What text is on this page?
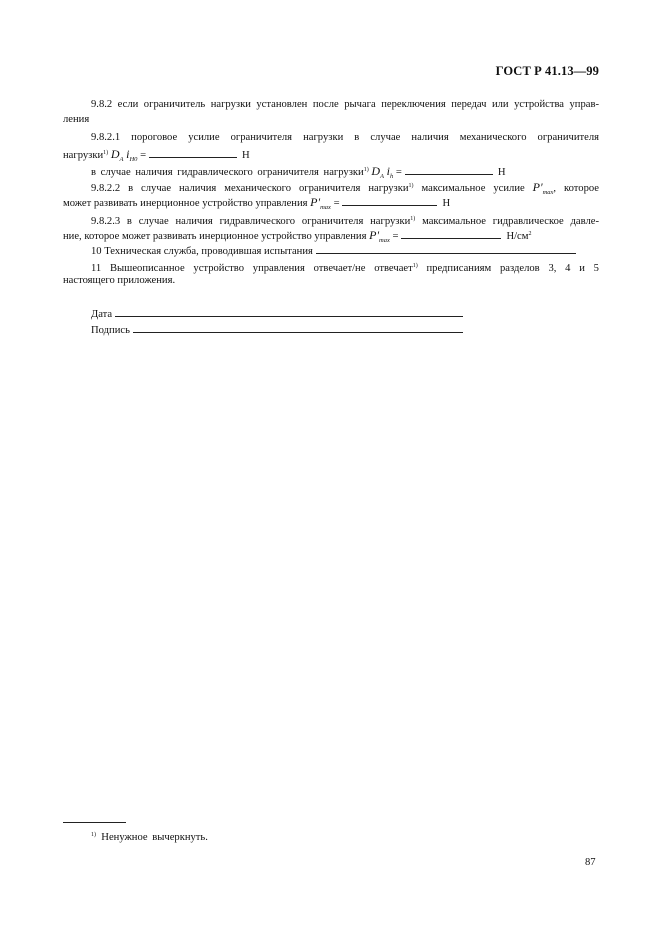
ГОСТ Р 41.13—99
9.8.2 если ограничитель нагрузки установлен после рычага переключения передач или устройства управ-
ления
9.8.2.1 пороговое усилие ограничителя нагрузки в случае наличия механического ограничителя
нагрузки$^{1)}$ $D_A$ $i_{H0}$ =	Н
в случае наличия гидравлического ограничителя нагрузки$^{1)}$ $D_A$ $i_h$ =	Н
9.8.2.2 в случае наличия механического ограничителя нагрузки$^{1)}$ максимальное усилие $P'_{max}$, которое
может развивать инерционное устройство управления $P'_{max}$ =	Н
9.8.2.3 в случае наличия гидравлического ограничителя нагрузки$^{1)}$ максимальное гидравлическое давле-
ние, которое может развивать инерционное устройство управления $P'_{max}$ =	$Н/см^2$
10 Техническая служба, проводившая испытания
11 Вышеописанное устройство управления отвечает/не отвечает$^{1)}$ предписаниям разделов 3, 4 и 5
настоящего приложения.
Дата
Подпись
$^{1)}$ Ненужное вычеркнуть.
87
